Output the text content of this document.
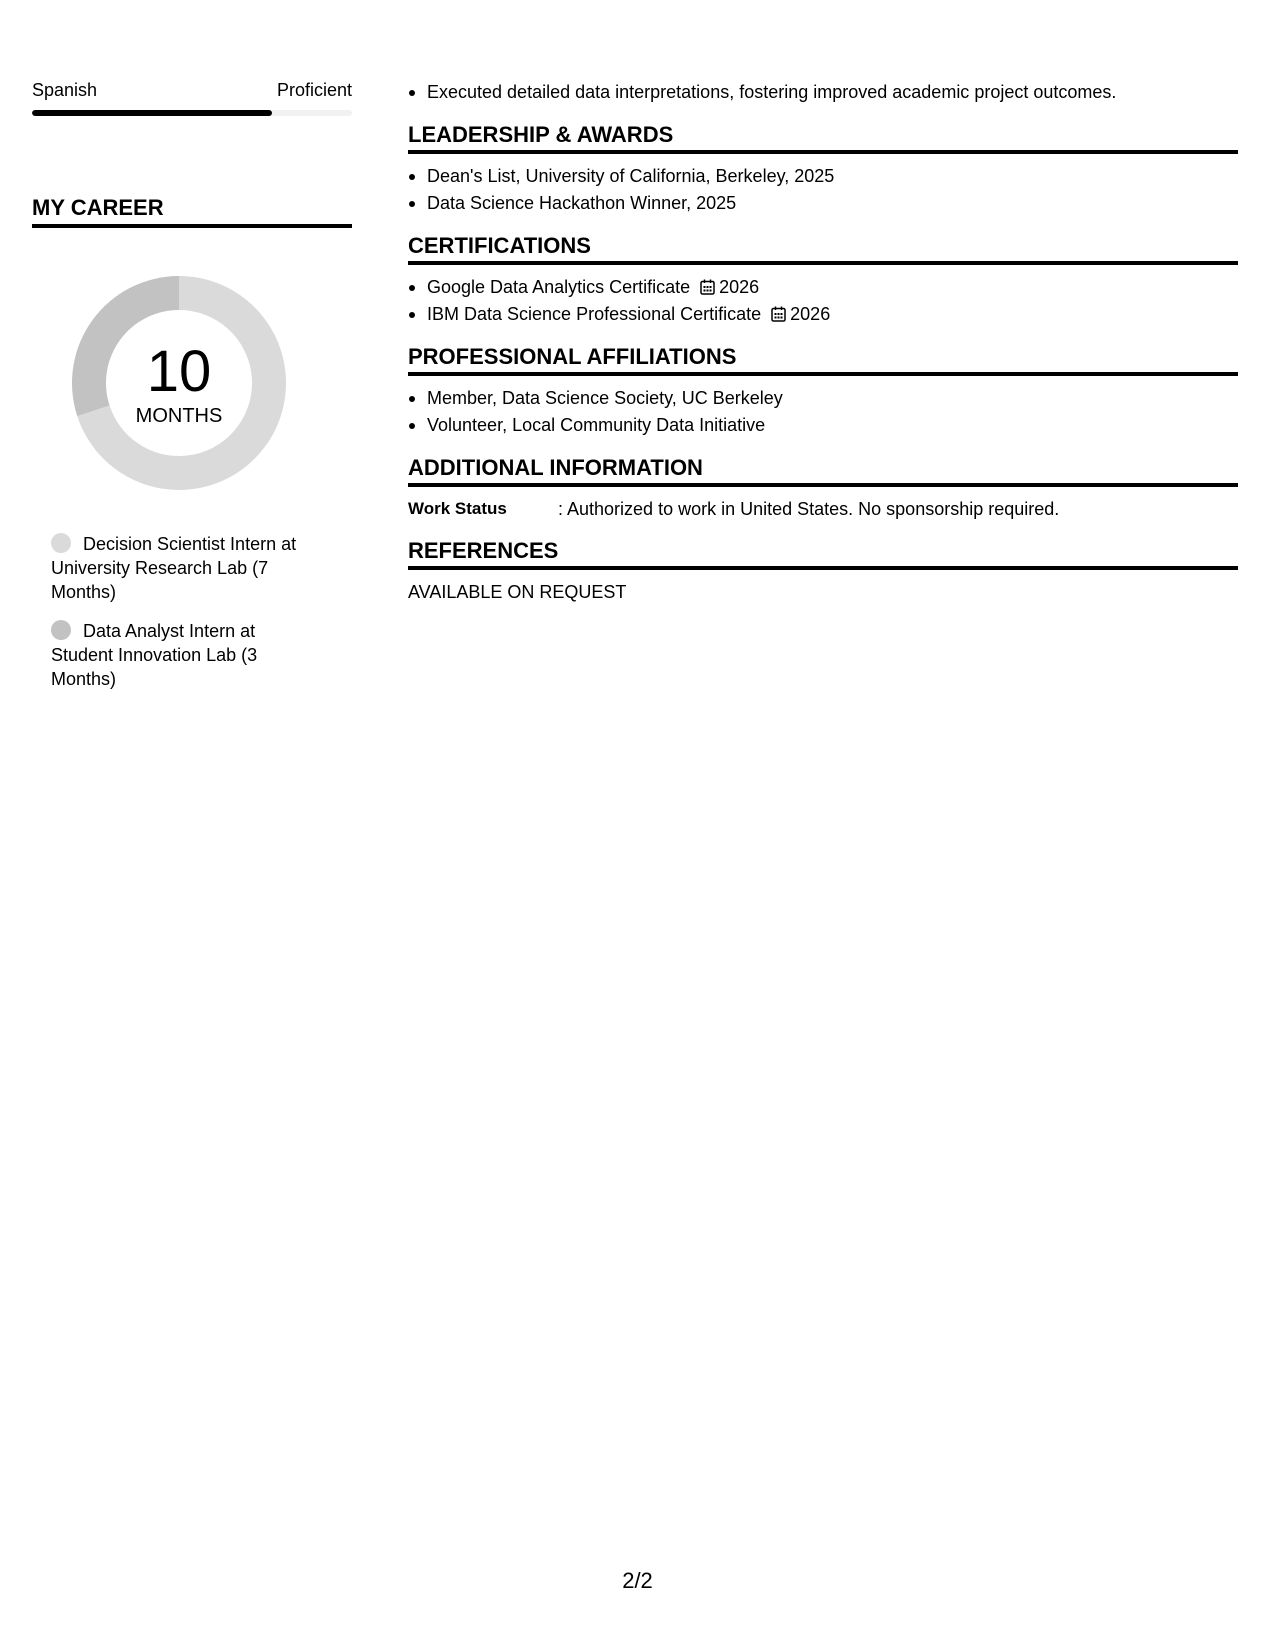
Spanish	Proficient
MY CAREER
10
MONTHS
Decision Scientist Intern at University Research Lab (7 Months)
Data Analyst Intern at Student Innovation Lab (3 Months)
Executed detailed data interpretations, fostering improved academic project outcomes.
LEADERSHIP & AWARDS
Dean's List, University of California, Berkeley, 2025
Data Science Hackathon Winner, 2025
CERTIFICATIONS
Google Data Analytics Certificate 2026
IBM Data Science Professional Certificate 2026
PROFESSIONAL AFFILIATIONS
Member, Data Science Society, UC Berkeley
Volunteer, Local Community Data Initiative
ADDITIONAL INFORMATION
Work Status	: Authorized to work in United States. No sponsorship required.
REFERENCES
AVAILABLE ON REQUEST
2/2
